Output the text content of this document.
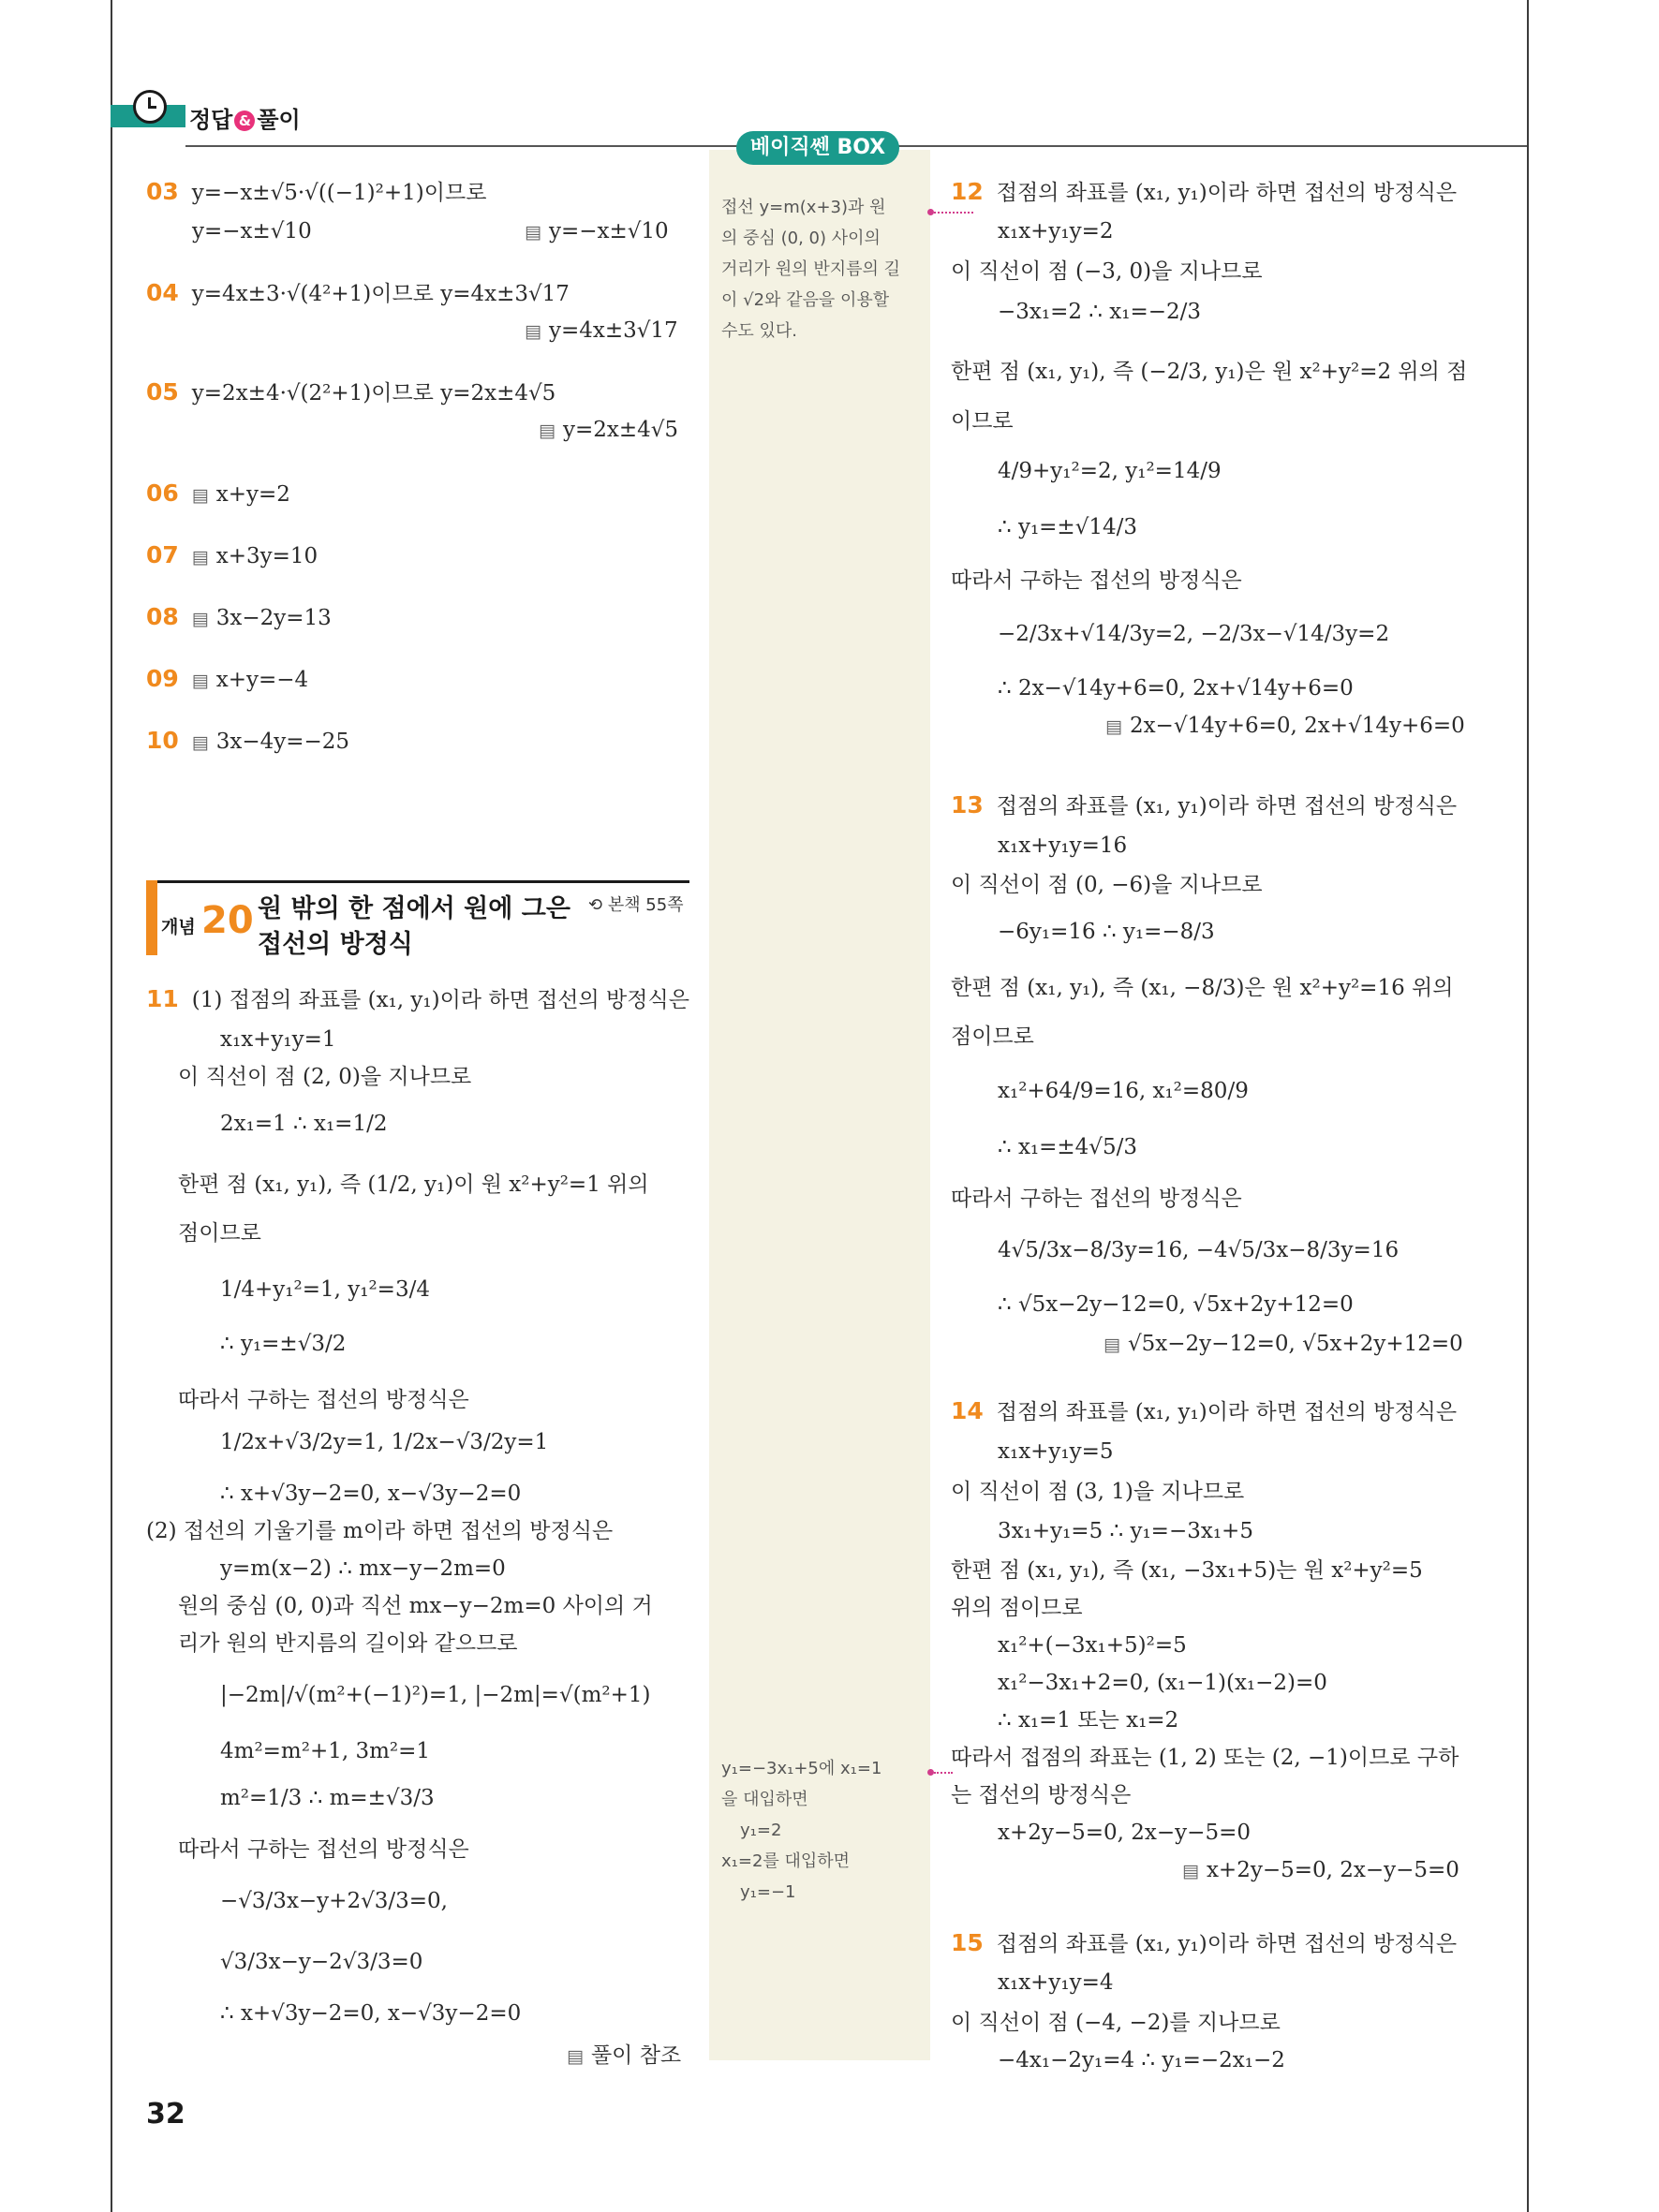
정답 & 풀이
베이직쎈 BOX
접선 y=m(x+3)과 원
의 중심 (0, 0) 사이의
거리가 원의 반지름의 길
이 √2와 같음을 이용할
수도 있다.
y₁=−3x₁+5에 x₁=1
을 대입하면
y₁=2
x₁=2를 대입하면
y₁=−1
개념 20 원 밖의 한 점에서 원에 그은
접선의 방정식
⟲ 본책 55쪽
03 y=−x±√5·√((−1)²+1)이므로
y=−x±√10	▤ y=−x±√10
04 y=4x±3·√(4²+1)이므로 y=4x±3√17
▤ y=4x±3√17
05 y=2x±4·√(2²+1)이므로 y=2x±4√5
▤ y=2x±4√5
06 ▤ x+y=2
07 ▤ x+3y=10
08 ▤ 3x−2y=13
09 ▤ x+y=−4
10 ▤ 3x−4y=−25
11 (1) 접점의 좌표를 (x₁, y₁)이라 하면 접선의 방정식은
x₁x+y₁y=1
이 직선이 점 (2, 0)을 지나므로
2x₁=1 ∴ x₁=1/2
한편 점 (x₁, y₁), 즉 (1/2, y₁)이 원 x²+y²=1 위의
점이므로
1/4+y₁²=1, y₁²=3/4
∴ y₁=±√3/2
따라서 구하는 접선의 방정식은
1/2x+√3/2y=1, 1/2x−√3/2y=1
∴ x+√3y−2=0, x−√3y−2=0
(2) 접선의 기울기를 m이라 하면 접선의 방정식은
y=m(x−2) ∴ mx−y−2m=0
원의 중심 (0, 0)과 직선 mx−y−2m=0 사이의 거
리가 원의 반지름의 길이와 같으므로
|−2m|/√(m²+(−1)²)=1, |−2m|=√(m²+1)
4m²=m²+1, 3m²=1
m²=1/3 ∴ m=±√3/3
따라서 구하는 접선의 방정식은
−√3/3x−y+2√3/3=0,
√3/3x−y−2√3/3=0
∴ x+√3y−2=0, x−√3y−2=0
▤ 풀이 참조
12 접점의 좌표를 (x₁, y₁)이라 하면 접선의 방정식은
x₁x+y₁y=2
이 직선이 점 (−3, 0)을 지나므로
−3x₁=2 ∴ x₁=−2/3
한편 점 (x₁, y₁), 즉 (−2/3, y₁)은 원 x²+y²=2 위의 점
이므로
4/9+y₁²=2, y₁²=14/9
∴ y₁=±√14/3
따라서 구하는 접선의 방정식은
−2/3x+√14/3y=2, −2/3x−√14/3y=2
∴ 2x−√14y+6=0, 2x+√14y+6=0
▤ 2x−√14y+6=0, 2x+√14y+6=0
13 접점의 좌표를 (x₁, y₁)이라 하면 접선의 방정식은
x₁x+y₁y=16
이 직선이 점 (0, −6)을 지나므로
−6y₁=16 ∴ y₁=−8/3
한편 점 (x₁, y₁), 즉 (x₁, −8/3)은 원 x²+y²=16 위의
점이므로
x₁²+64/9=16, x₁²=80/9
∴ x₁=±4√5/3
따라서 구하는 접선의 방정식은
4√5/3x−8/3y=16, −4√5/3x−8/3y=16
∴ √5x−2y−12=0, √5x+2y+12=0
▤ √5x−2y−12=0, √5x+2y+12=0
14 접점의 좌표를 (x₁, y₁)이라 하면 접선의 방정식은
x₁x+y₁y=5
이 직선이 점 (3, 1)을 지나므로
3x₁+y₁=5 ∴ y₁=−3x₁+5
한편 점 (x₁, y₁), 즉 (x₁, −3x₁+5)는 원 x²+y²=5
위의 점이므로
x₁²+(−3x₁+5)²=5
x₁²−3x₁+2=0, (x₁−1)(x₁−2)=0
∴ x₁=1 또는 x₁=2
따라서 접점의 좌표는 (1, 2) 또는 (2, −1)이므로 구하
는 접선의 방정식은
x+2y−5=0, 2x−y−5=0
▤ x+2y−5=0, 2x−y−5=0
15 접점의 좌표를 (x₁, y₁)이라 하면 접선의 방정식은
x₁x+y₁y=4
이 직선이 점 (−4, −2)를 지나므로
−4x₁−2y₁=4 ∴ y₁=−2x₁−2
32
